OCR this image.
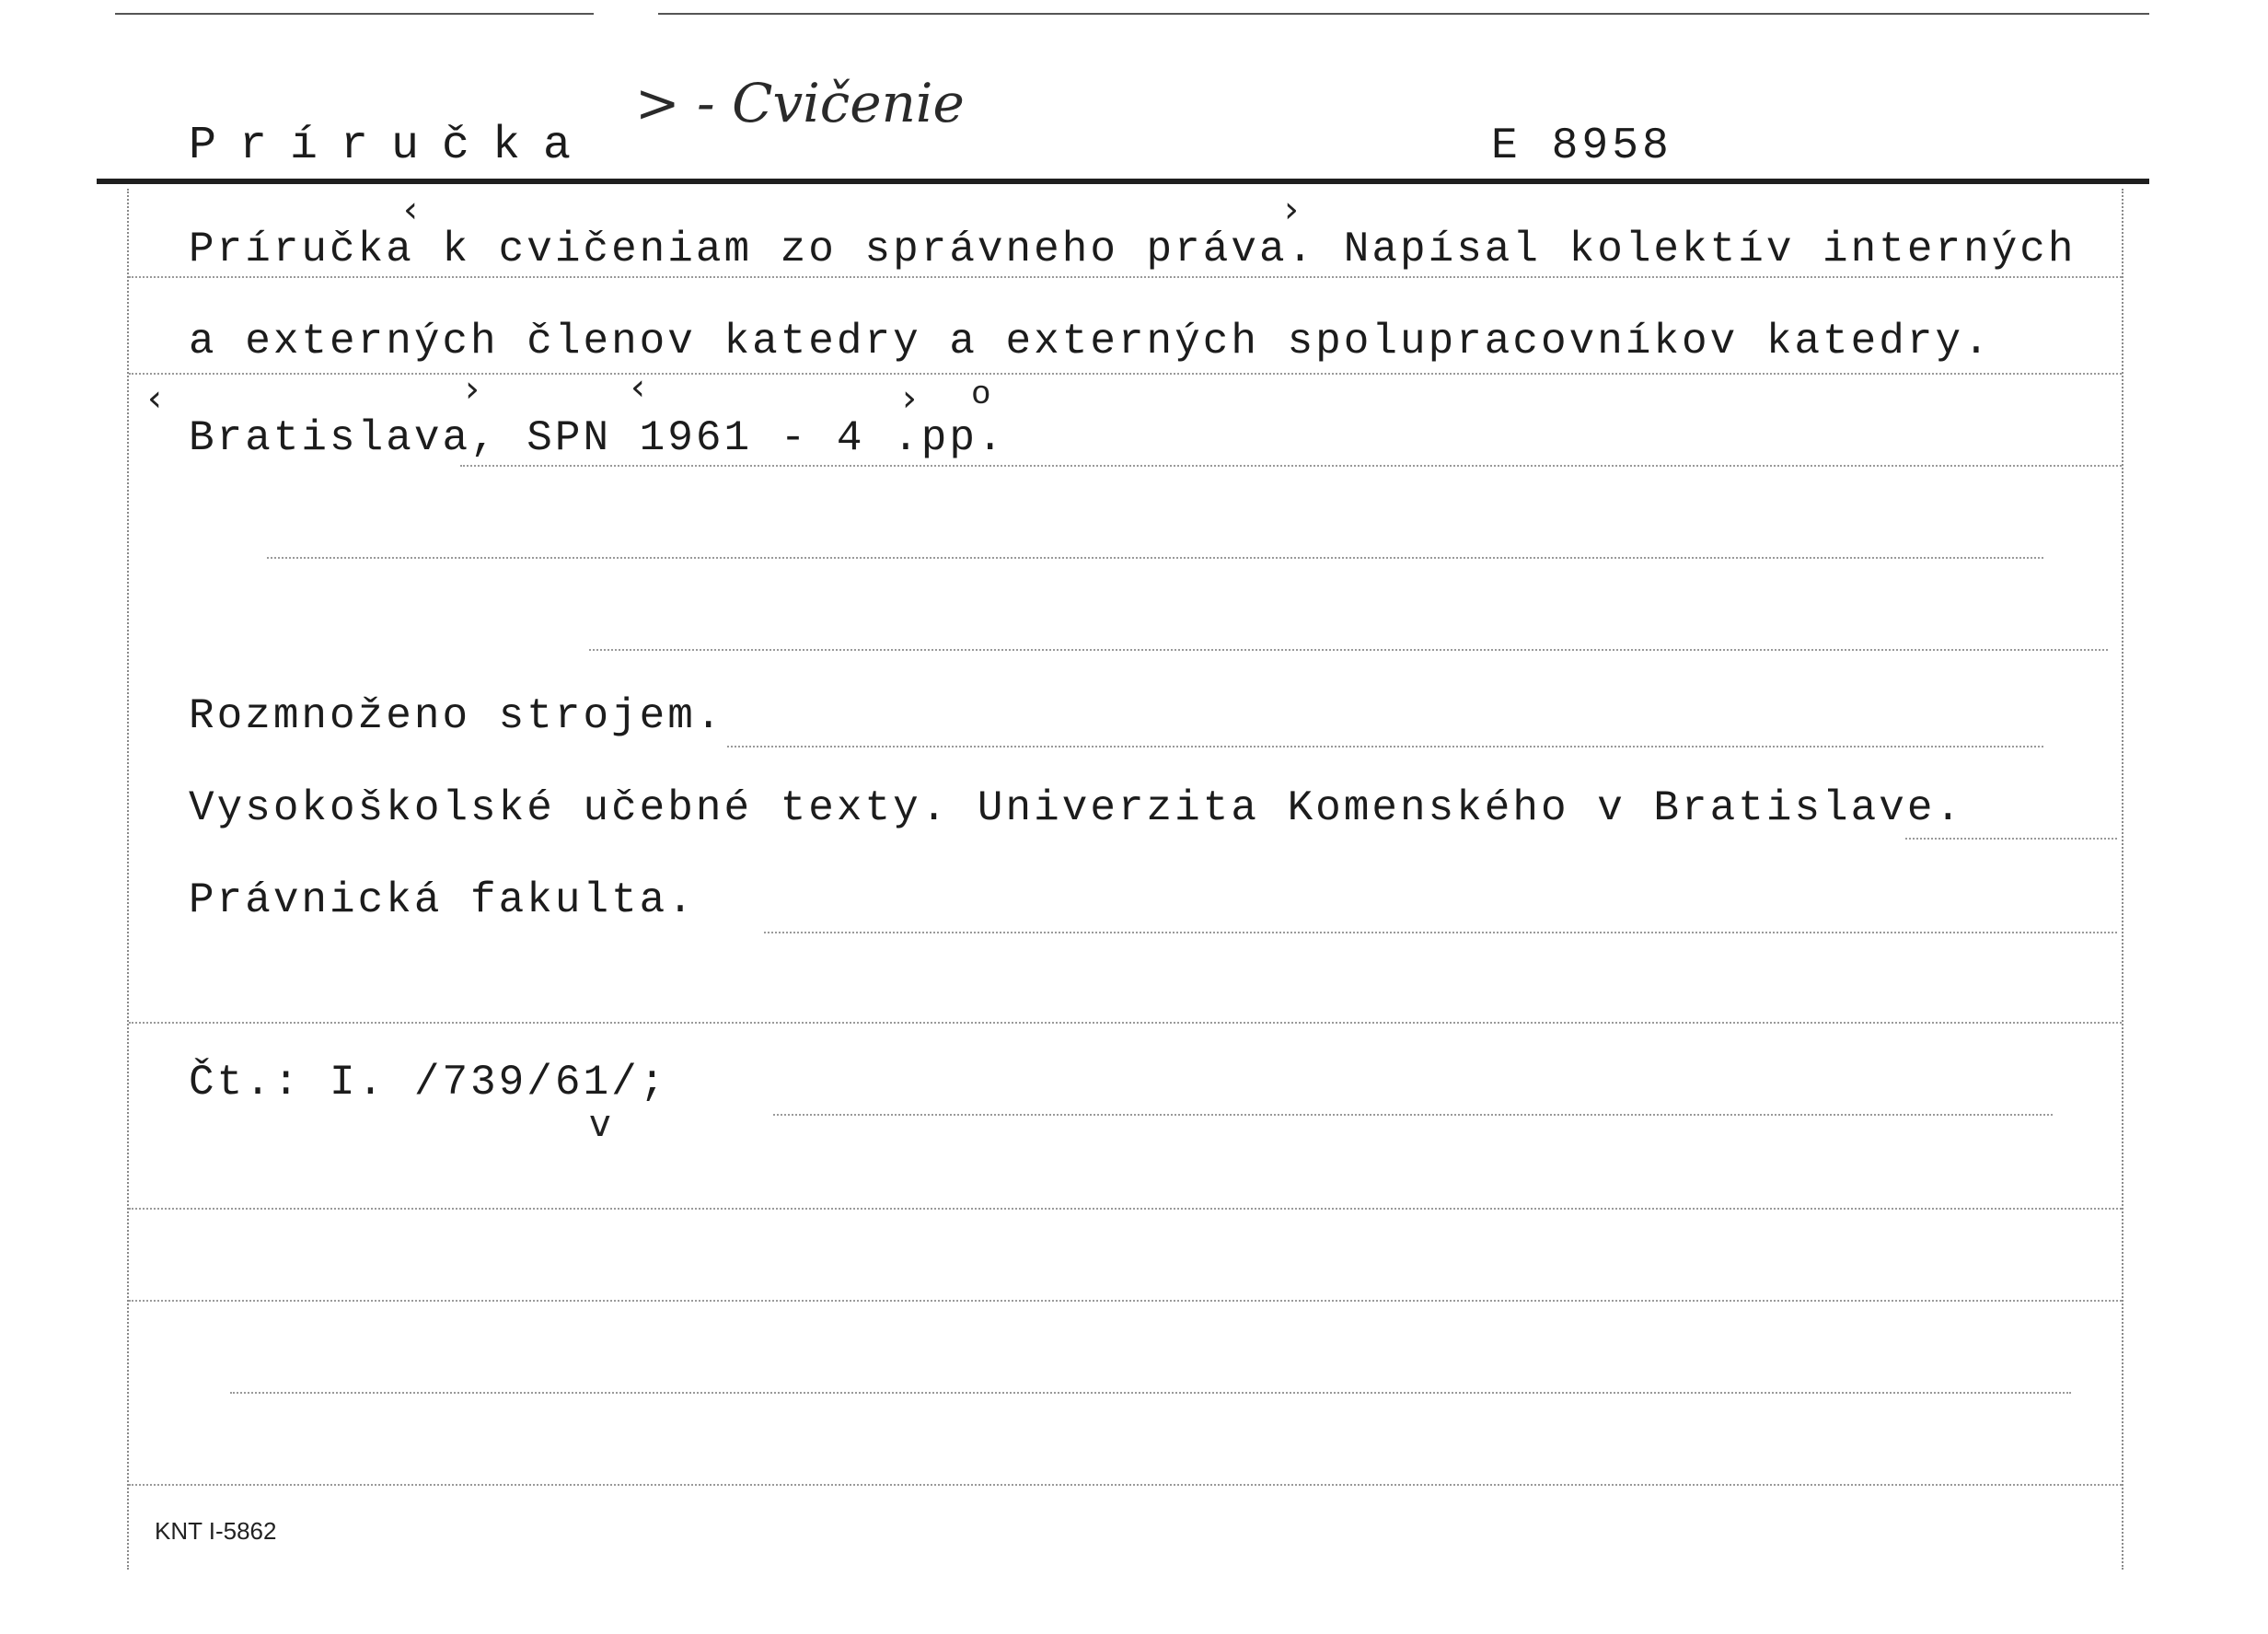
Príručka
> - Cvičenie
E 8958
Príručka k cvičeniam zo správneho práva. Napísal kolektív interných
a externých členov katedry a externých spolupracovníkov katedry.
Bratislava, SPN 1961 - 4 .pp.
o
Rozmnoženo strojem.
Vysokoškolské učebné texty. Univerzita Komenského v Bratislave.
Právnická fakulta.
Čt.: I. /739/61/;
‹	›
‹	›	‹	›
v
KNT I-5862
